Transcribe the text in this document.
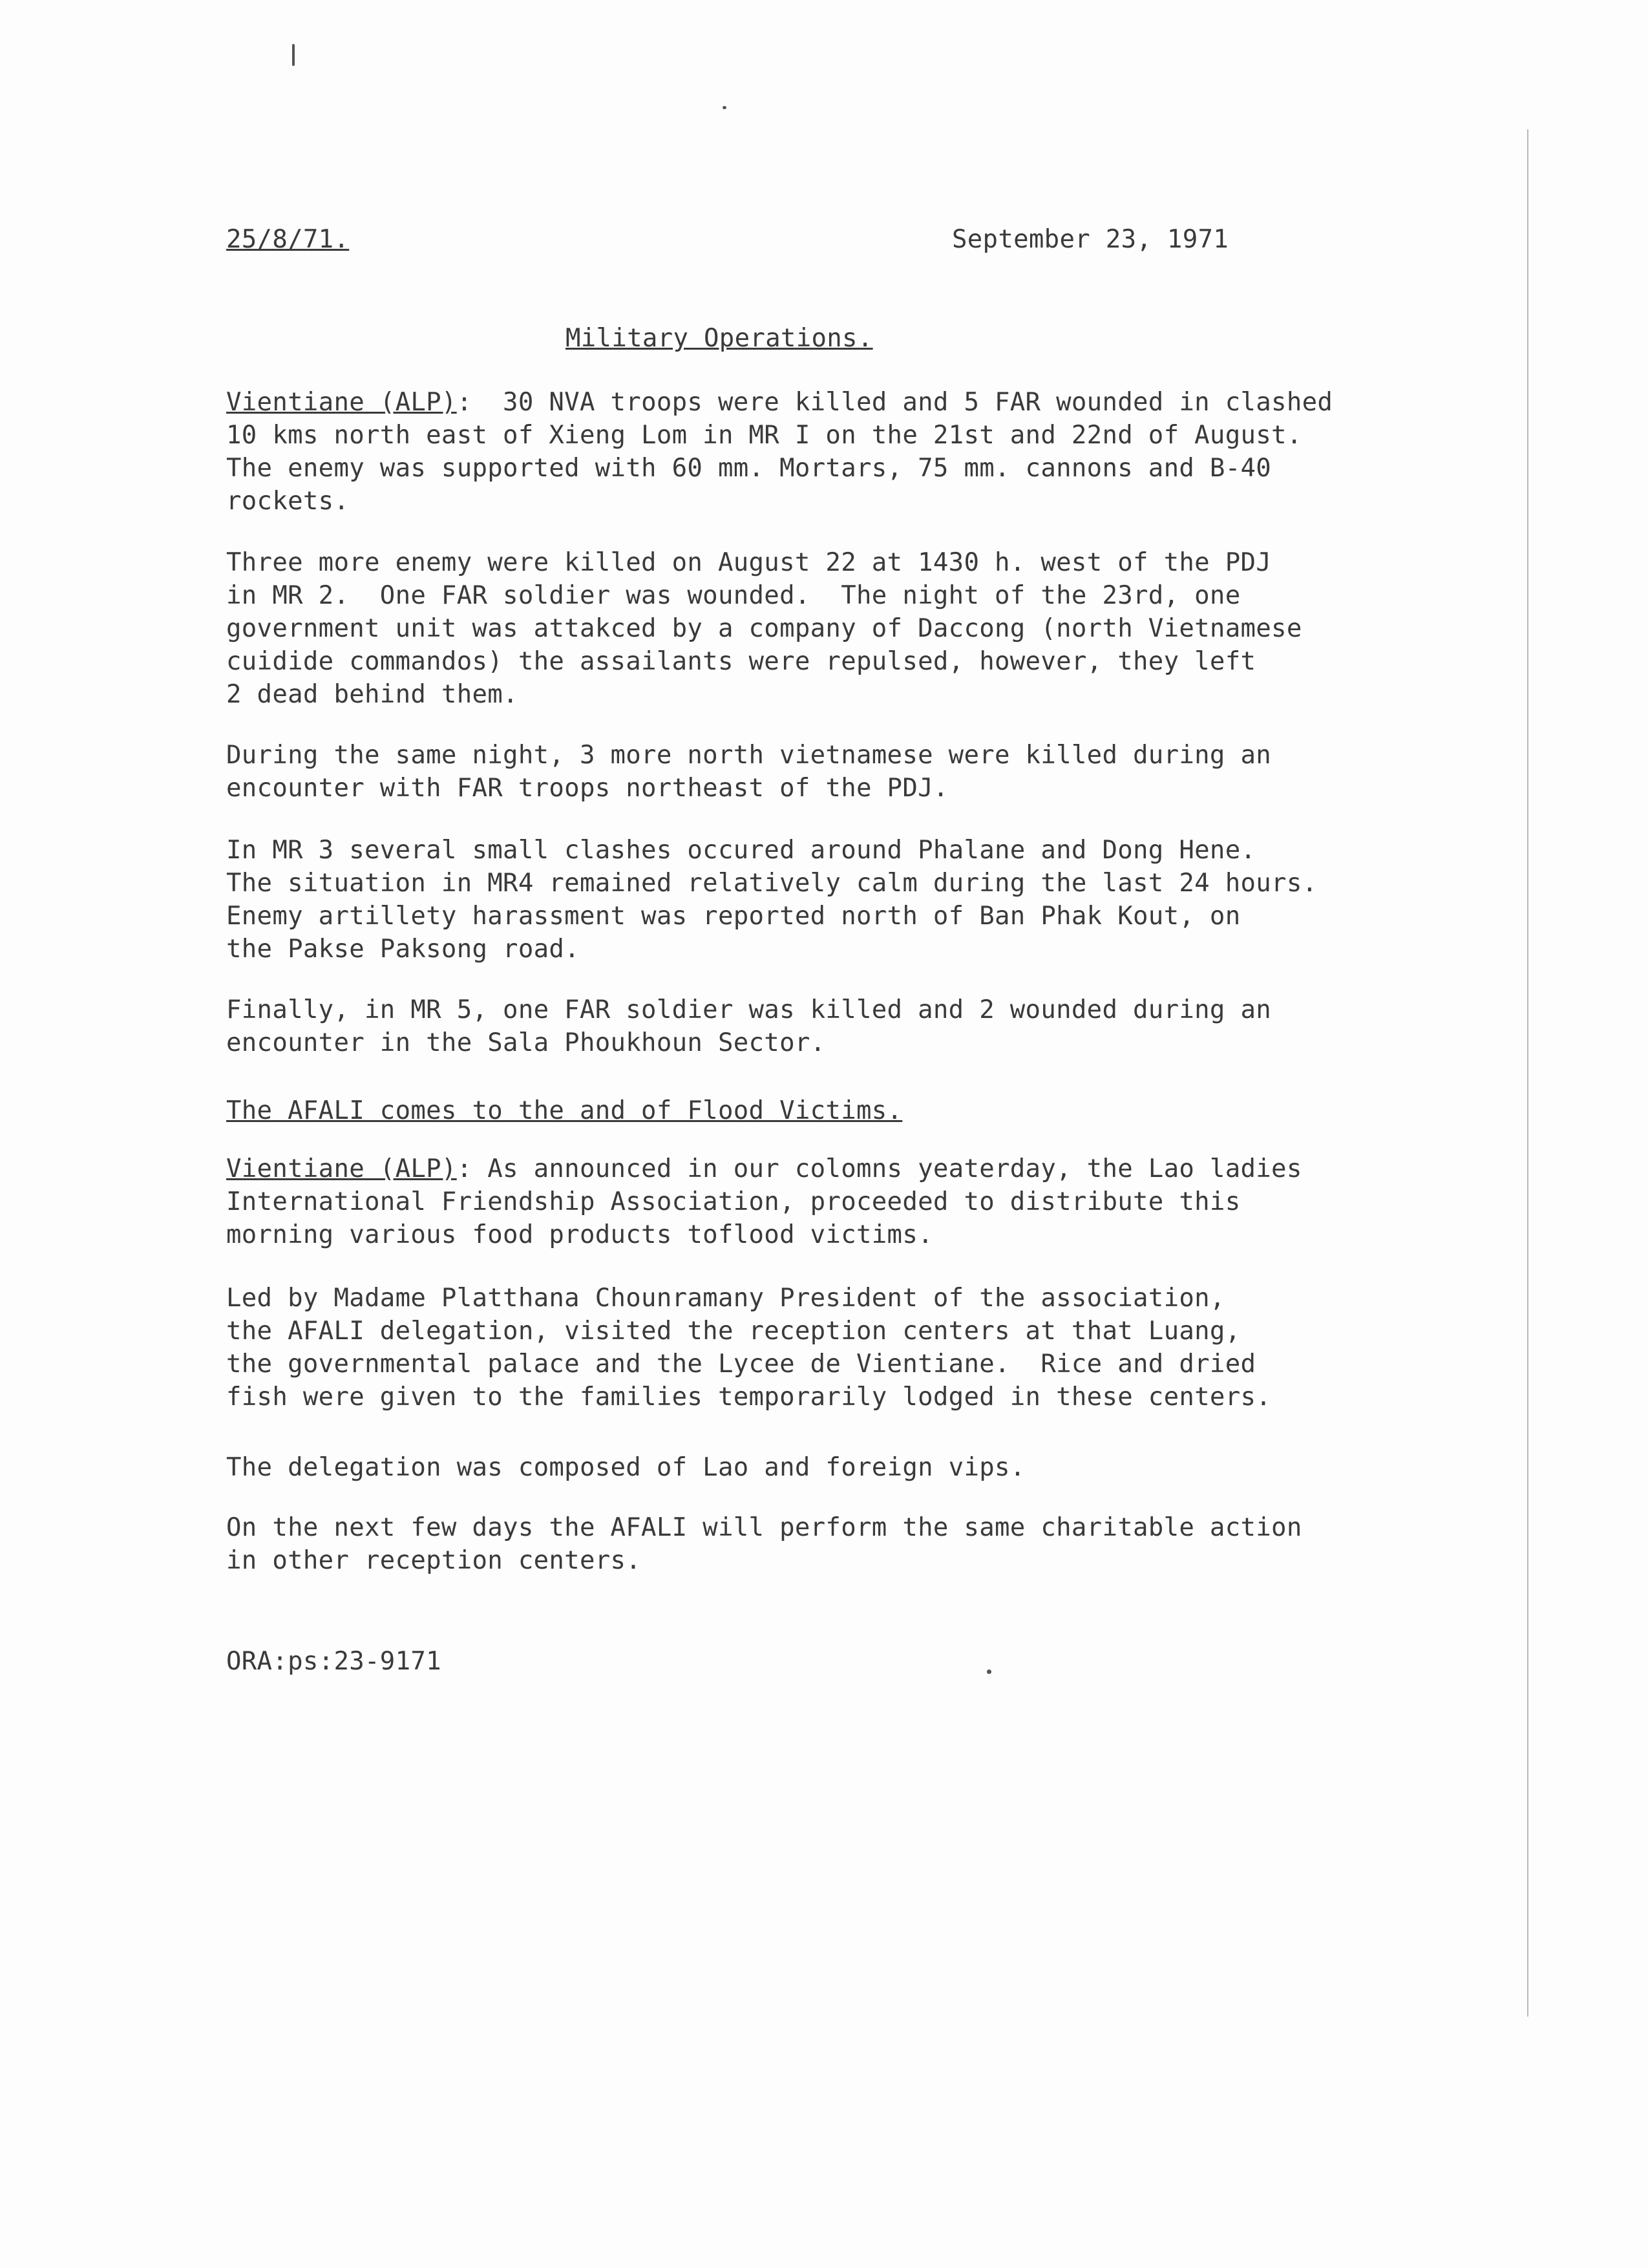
25/8/71.	September 23, 1971
Military Operations.
Vientiane (ALP):  30 NVA troops were killed and 5 FAR wounded in clashed
10 kms north east of Xieng Lom in MR I on the 21st and 22nd of August.
The enemy was supported with 60 mm. Mortars, 75 mm. cannons and B-40
rockets.
Three more enemy were killed on August 22 at 1430 h. west of the PDJ
in MR 2.  One FAR soldier was wounded.  The night of the 23rd, one
government unit was attakced by a company of Daccong (north Vietnamese
cuidide commandos) the assailants were repulsed, however, they left
2 dead behind them.
During the same night, 3 more north vietnamese were killed during an
encounter with FAR troops northeast of the PDJ.
In MR 3 several small clashes occured around Phalane and Dong Hene.
The situation in MR4 remained relatively calm during the last 24 hours.
Enemy artillety harassment was reported north of Ban Phak Kout, on
the Pakse Paksong road.
Finally, in MR 5, one FAR soldier was killed and 2 wounded during an
encounter in the Sala Phoukhoun Sector.
The AFALI comes to the and of Flood Victims.
Vientiane (ALP): As announced in our colomns yeaterday, the Lao ladies
International Friendship Association, proceeded to distribute this
morning various food products toflood victims.
Led by Madame Platthana Chounramany President of the association,
the AFALI delegation, visited the reception centers at that Luang,
the governmental palace and the Lycee de Vientiane.  Rice and dried
fish were given to the families temporarily lodged in these centers.
The delegation was composed of Lao and foreign vips.
On the next few days the AFALI will perform the same charitable action
in other reception centers.
ORA:ps:23-9171
